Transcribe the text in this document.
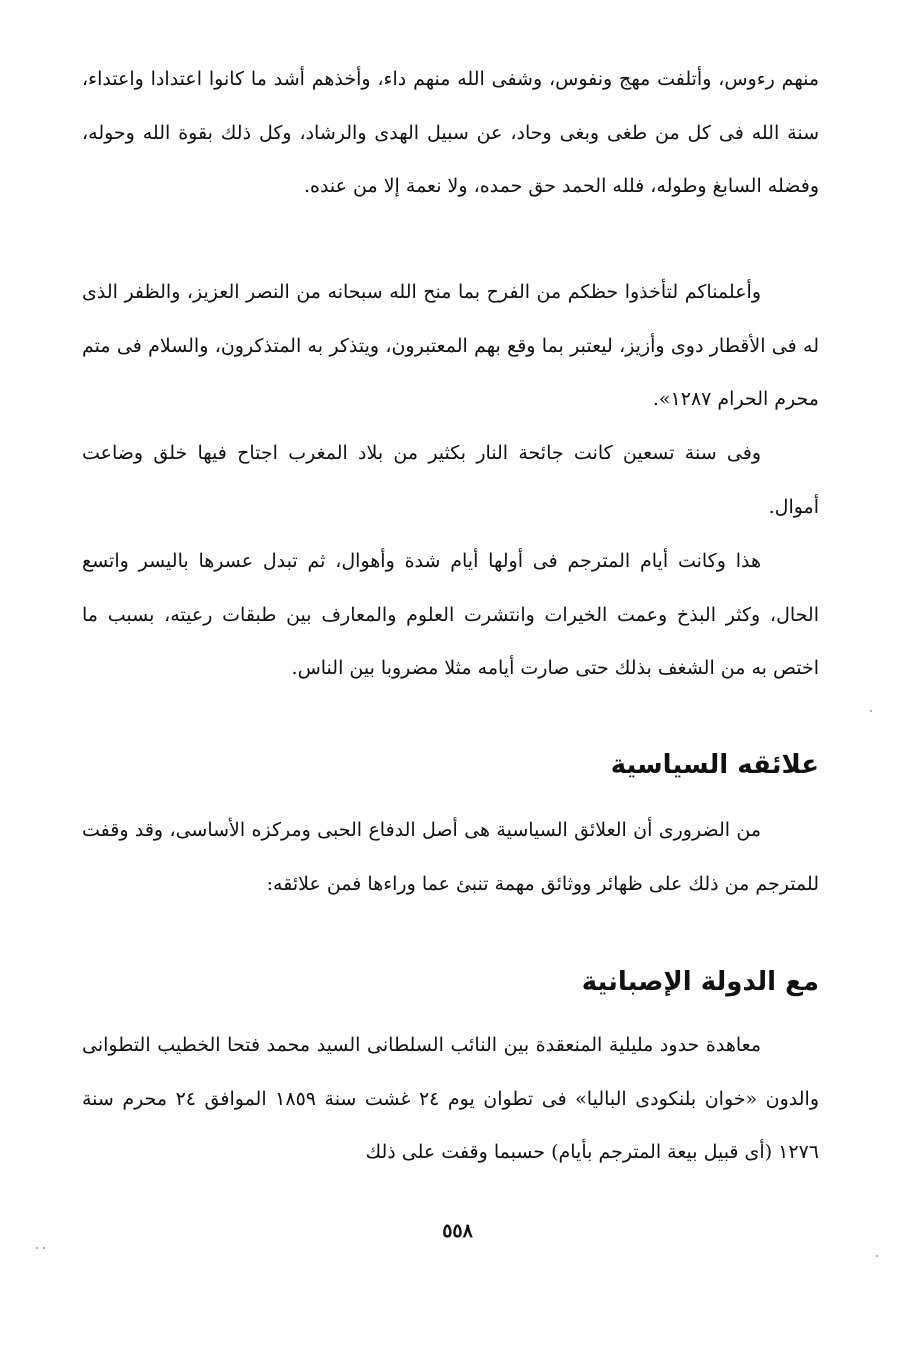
منهم رءوس، وأتلفت مهج ونفوس، وشفى الله منهم داء، وأخذهم أشد ما كانوا اعتدادا واعتداء، سنة الله فى كل من طغى وبغى وحاد، عن سبيل الهدى والرشاد، وكل ذلك بقوة الله وحوله، وفضله السابغ وطوله، فلله الحمد حق حمده، ولا نعمة إلا من عنده.

وأعلمناكم لتأخذوا حظكم من الفرح بما منح الله سبحانه من النصر العزيز، والظفر الذى له فى الأقطار دوى وأزيز، ليعتبر بما وقع بهم المعتبرون، ويتذكر به المتذكرون، والسلام فى متم محرم الحرام ١٢٨٧».

وفى سنة تسعين كانت جائحة النار بكثير من بلاد المغرب اجتاح فيها خلق وضاعت أموال.

هذا وكانت أيام المترجم فى أولها أيام شدة وأهوال، ثم تبدل عسرها باليسر واتسع الحال، وكثر البذخ وعمت الخيرات وانتشرت العلوم والمعارف بين طبقات رعيته، بسبب ما اختص به من الشغف بذلك حتى صارت أيامه مثلا مضروبا بين الناس.

علائقه السياسية

من الضرورى أن العلائق السياسية هى أصل الدفاع الحبى ومركزه الأساسى، وقد وقفت للمترجم من ذلك على ظهائر ووثائق مهمة تنبئ عما وراءها فمن علائقه:

مع الدولة الإصبانية

معاهدة حدود مليلية المنعقدة بين النائب السلطانى السيد محمد فتحا الخطيب التطوانى والدون «خوان بلنكودى الباليا» فى تطوان يوم ٢٤ غشت سنة ١٨٥٩ الموافق ٢٤ محرم سنة ١٢٧٦ (أى قبيل بيعة المترجم بأيام) حسبما وقفت على ذلك

٥٥٨
